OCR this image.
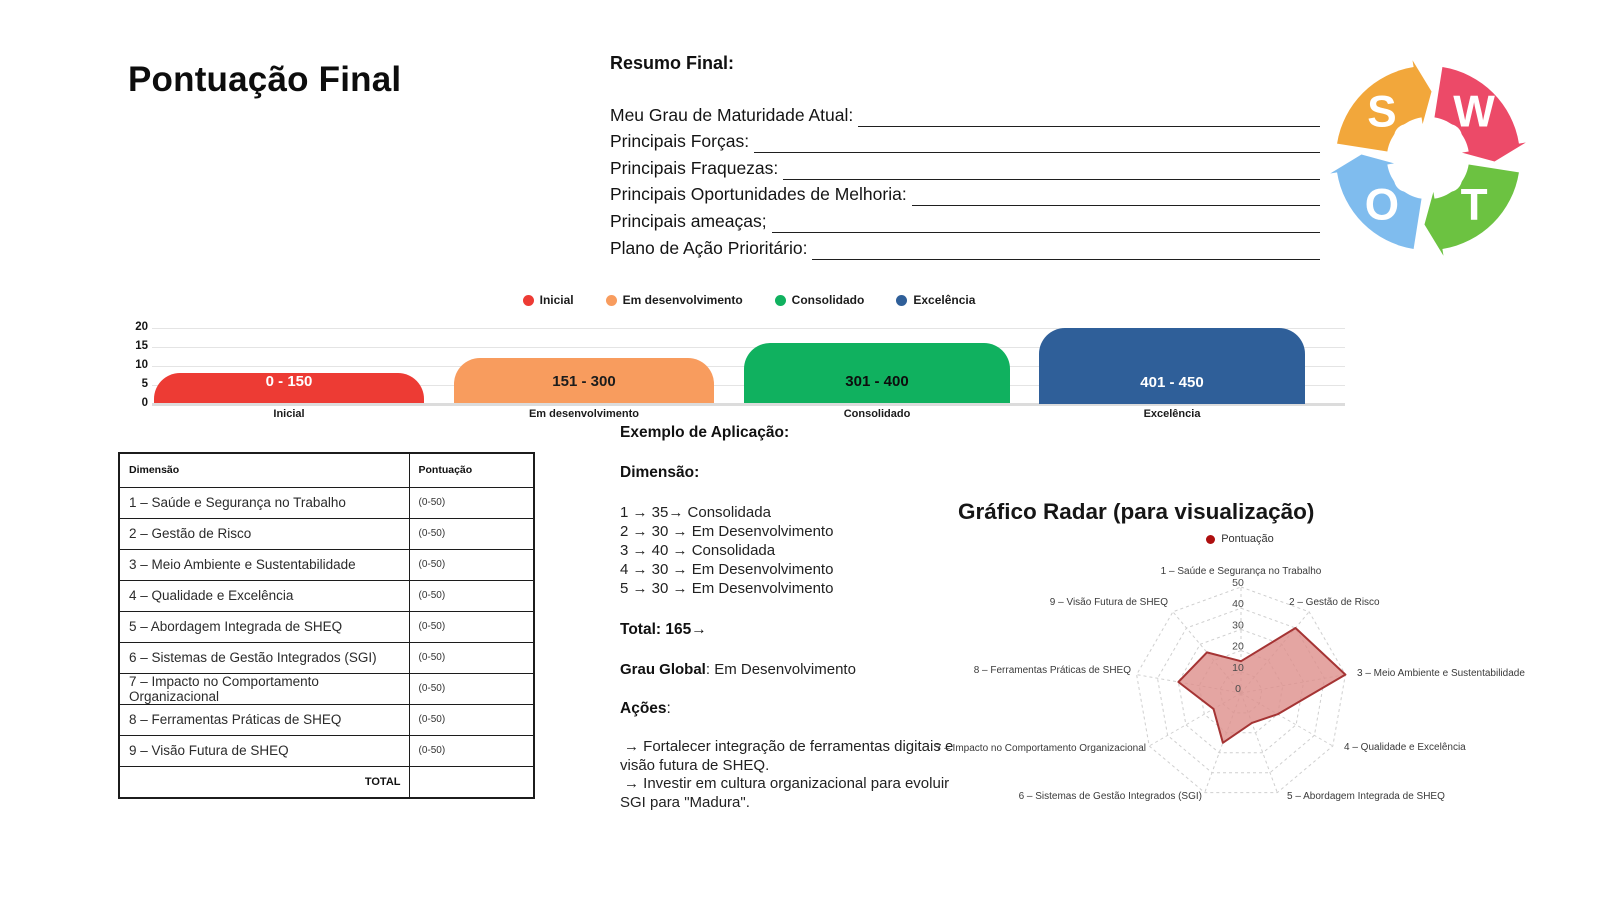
Pontuação Final	Resumo Final:
Meu Grau de Maturidade Atual:
Principais Forças:
Principais Fraquezas:
Principais Oportunidades de Melhoria:
Principais ameaças;
Plano de Ação Prioritário:
S W
T
O
Inicial	Em desenvolvimento	Consolidado	Excelência
0
5
10
15
20
0 - 150
Inicial
151 - 300
Em desenvolvimento
301 - 400
Consolidado
401 - 450
Excelência
Dimensão	Pontuação
1 – Saúde e Segurança no Trabalho	(0-50)
2 – Gestão de Risco	(0-50)
3 – Meio Ambiente e Sustentabilidade	(0-50)
4 – Qualidade e Excelência	(0-50)
5 – Abordagem Integrada de SHEQ	(0-50)
6 – Sistemas de Gestão Integrados (SGI)	(0-50)
7 – Impacto no Comportamento Organizacional	(0-50)
8 – Ferramentas Práticas de SHEQ	(0-50)
9 – Visão Futura de SHEQ	(0-50)
TOTAL	
Exemplo de Aplicação:
Dimensão:
1 → 35→ Consolidada
2 → 30 → Em Desenvolvimento
3 → 40 → Consolidada
4 → 30 → Em Desenvolvimento
5 → 30 → Em Desenvolvimento

Total: 165→

Grau Global: Em Desenvolvimento

Ações:

→ Fortalecer integração de ferramentas digitais e visão futura de SHEQ.

→ Investir em cultura organizacional para evoluir SGI para "Madura".

Gráfico Radar (para visualização)
Pontuação
0
10
20
30
40
50
1 – Saúde e Segurança no Trabalho
2 – Gestão de Risco
3 – Meio Ambiente e Sustentabilidade
4 – Qualidade e Excelência
5 – Abordagem Integrada de SHEQ
6 – Sistemas de Gestão Integrados (SGI)
7 – Impacto no Comportamento Organizacional
8 – Ferramentas Práticas de SHEQ
9 – Visão Futura de SHEQ
